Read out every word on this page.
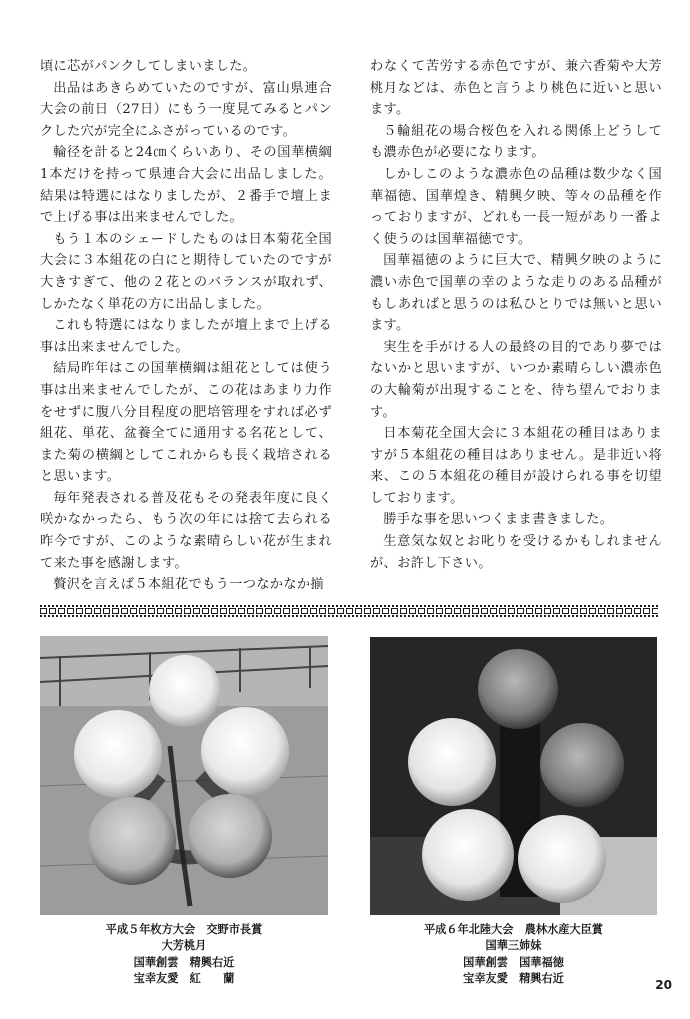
頃に芯がパンクしてしまいました。

出品はあきらめていたのですが、富山県連合大会の前日（27日）にもう一度見てみるとパンクした穴が完全にふさがっているのです。

輪径を計ると24㎝くらいあり、その国華横綱1本だけを持って県連合大会に出品しました。結果は特選にはなりましたが、２番手で壇上まで上げる事は出来ませんでした。

もう１本のシェードしたものは日本菊花全国大会に３本組花の白にと期待していたのですが大きすぎて、他の２花とのバランスが取れず、しかたなく単花の方に出品しました。

これも特選にはなりましたが壇上まで上げる事は出来ませんでした。

結局昨年はこの国華横綱は組花としては使う事は出来ませんでしたが、この花はあまり力作をせずに腹八分目程度の肥培管理をすれば必ず組花、単花、盆養全てに通用する名花として、また菊の横綱としてこれからも長く栽培されると思います。

毎年発表される普及花もその発表年度に良く咲かなかったら、もう次の年には捨て去られる昨今ですが、このような素晴らしい花が生まれて来た事を感謝します。

贅沢を言えば５本組花でもう一つなかなか揃

わなくて苦労する赤色ですが、兼六香菊や大芳桃月などは、赤色と言うより桃色に近いと思います。

５輪組花の場合桜色を入れる関係上どうしても濃赤色が必要になります。

しかしこのような濃赤色の品種は数少なく国華福徳、国華煌き、精興夕映、等々の品種を作っておりますが、どれも一長一短があり一番よく使うのは国華福徳です。

国華福徳のように巨大で、精興夕映のように濃い赤色で国華の幸のような走りのある品種がもしあればと思うのは私ひとりでは無いと思います。

実生を手がける人の最終の目的であり夢ではないかと思いますが、いつか素晴らしい濃赤色の大輪菊が出現することを、待ち望んでおります。

日本菊花全国大会に３本組花の種目はありますが５本組花の種目はありません。是非近い将来、この５本組花の種目が設けられる事を切望しております。

勝手な事を思いつくまま書きました。

生意気な奴とお叱りを受けるかもしれませんが、お許し下さい。

平成５年枚方大会　交野市長賞
大芳桃月
国華創雲　精興右近
宝幸友愛　紅　　蘭
平成６年北陸大会　農林水産大臣賞
国華三姉妹
国華創雲　国華福徳
宝幸友愛　精興右近	20
